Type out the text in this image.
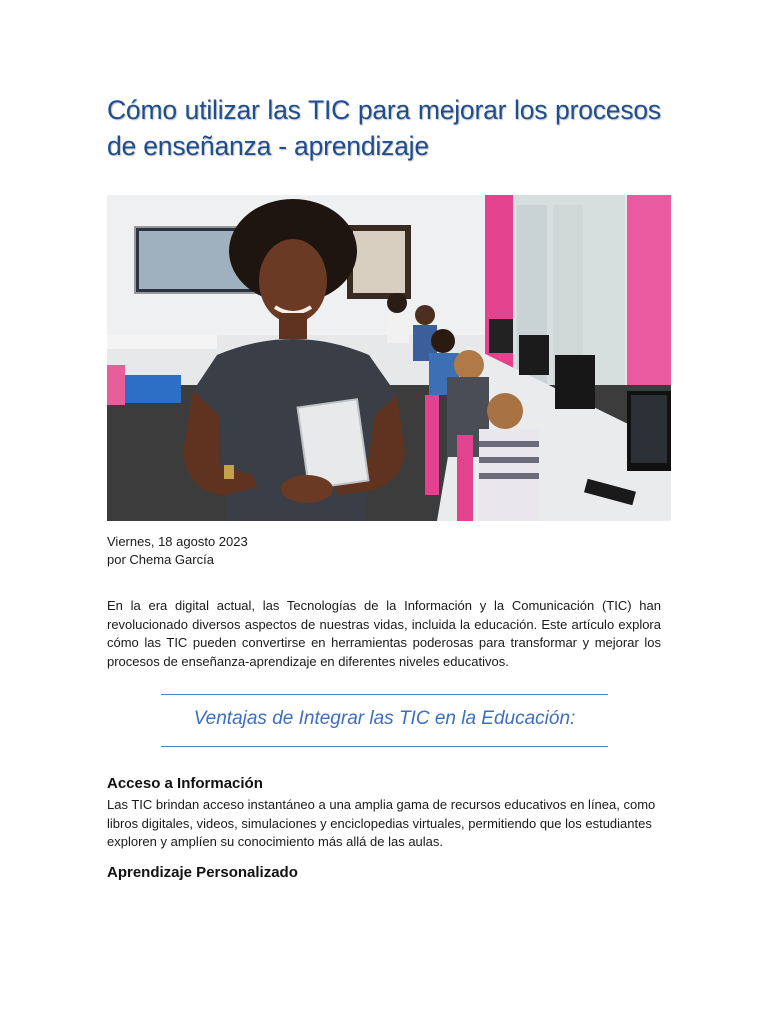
Cómo utilizar las TIC para mejorar los procesos de enseñanza - aprendizaje
Viernes, 18 agosto 2023
por Chema García

En la era digital actual, las Tecnologías de la Información y la Comunicación (TIC) han revolucionado diversos aspectos de nuestras vidas, incluida la educación. Este artículo explora cómo las TIC pueden convertirse en herramientas poderosas para transformar y mejorar los procesos de enseñanza-aprendizaje en diferentes niveles educativos.

Ventajas de Integrar las TIC en la Educación:
Acceso a Información

Las TIC brindan acceso instantáneo a una amplia gama de recursos educativos en línea, como libros digitales, videos, simulaciones y enciclopedias virtuales, permitiendo que los estudiantes exploren y amplíen su conocimiento más allá de las aulas.

Aprendizaje Personalizado
